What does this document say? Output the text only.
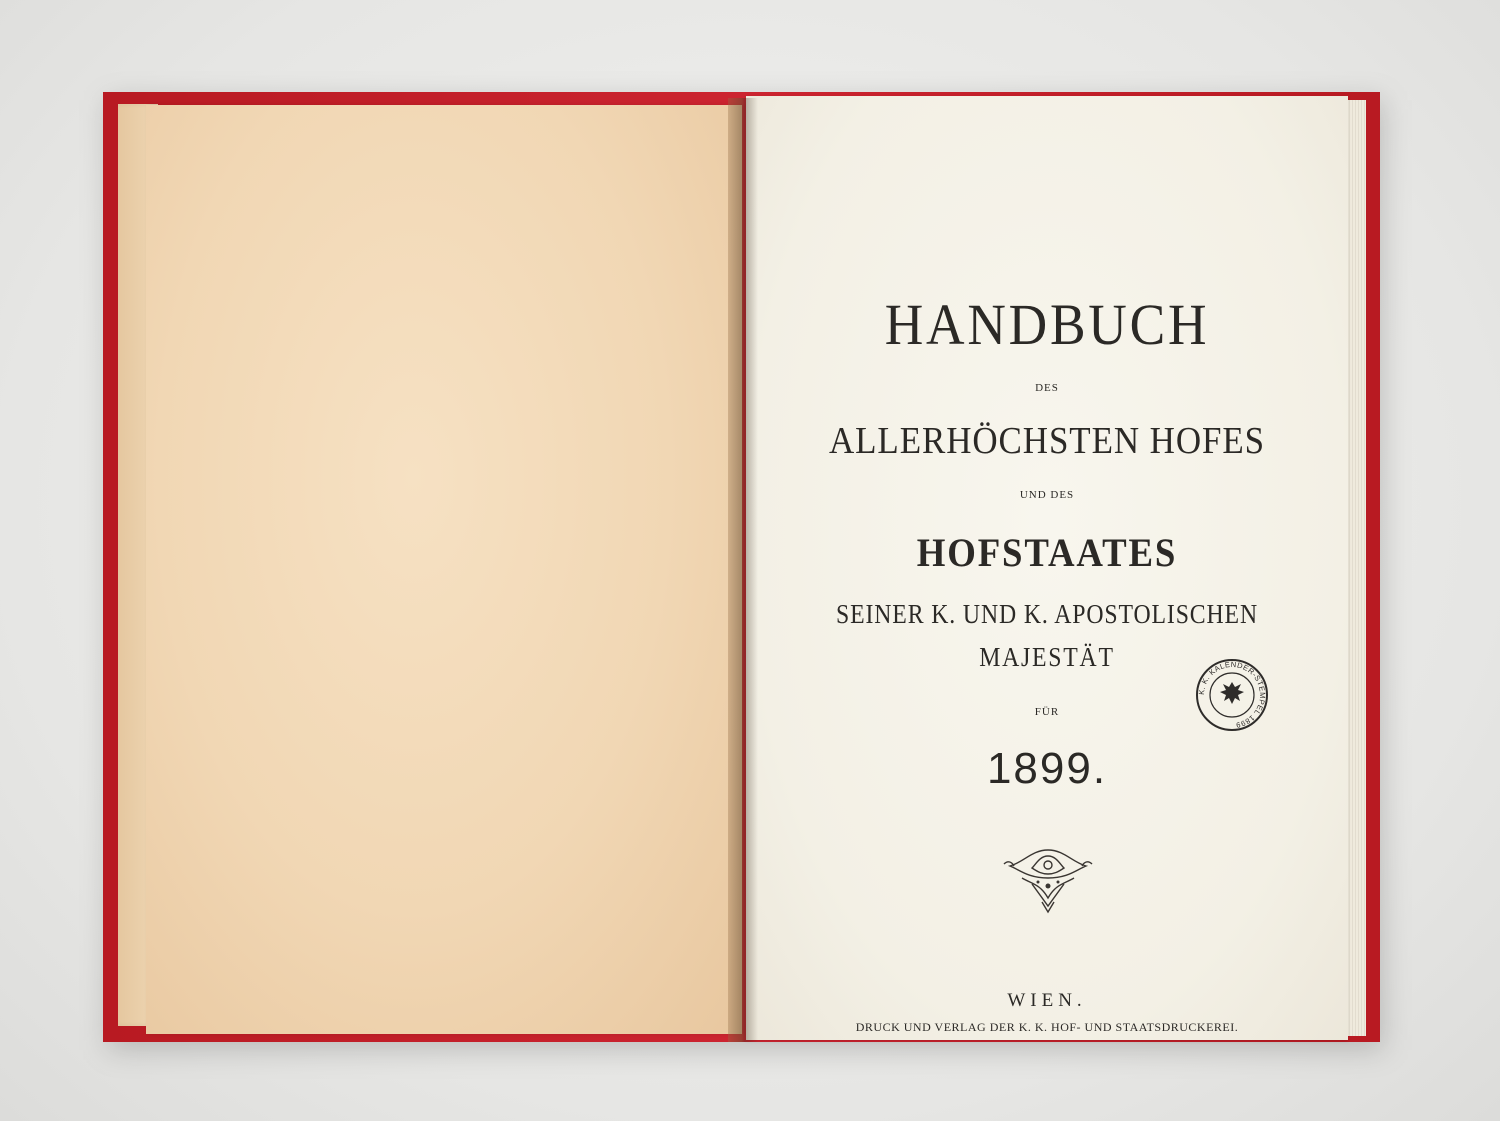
HANDBUCH
DES
ALLERHÖCHSTEN HOFES
UND DES
HOFSTAATES
SEINER K. UND K. APOSTOLISCHEN
MAJESTÄT
FÜR
1899.
K. K. KALENDER-STEMPEL 1899
WIEN.
DRUCK UND VERLAG DER K. K. HOF- UND STAATSDRUCKEREI.
